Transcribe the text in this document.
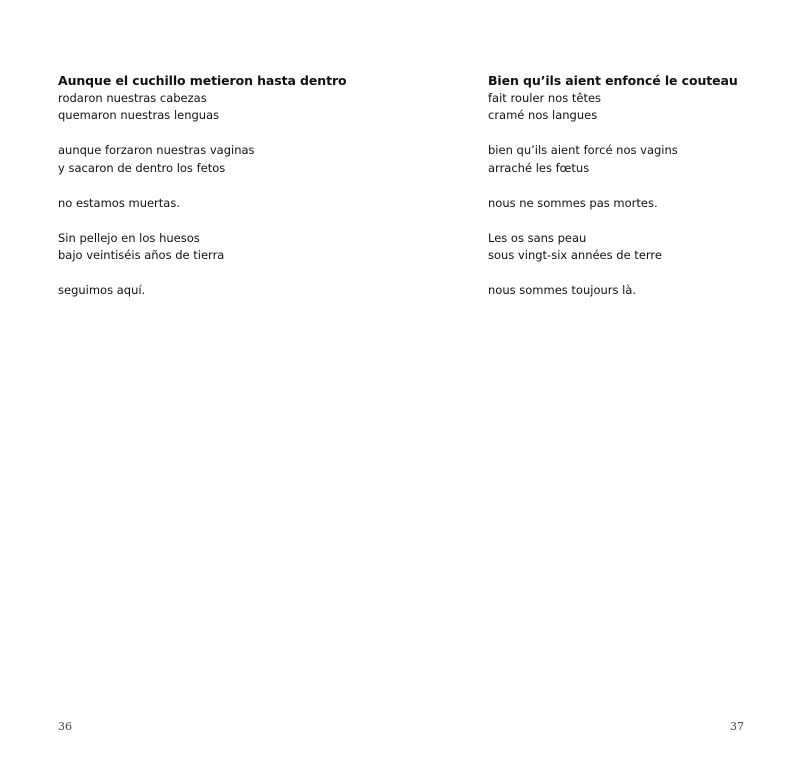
Aunque el cuchillo metieron hasta dentro

rodaron nuestras cabezas
quemaron nuestras lenguas
aunque forzaron nuestras vaginas
y sacaron de dentro los fetos
no estamos muertas.
Sin pellejo en los huesos
bajo veintiséis años de tierra
seguimos aquí.
36

Bien qu’ils aient enfoncé le couteau

fait rouler nos têtes
cramé nos langues
bien qu’ils aient forcé nos vagins
arraché les fœtus
nous ne sommes pas mortes.
Les os sans peau
sous vingt-six années de terre
nous sommes toujours là.
37
